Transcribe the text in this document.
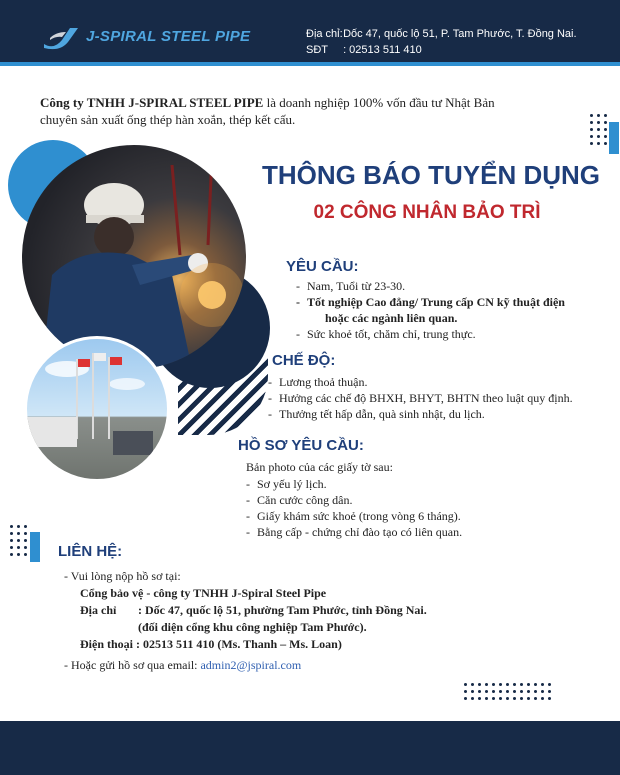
J-SPIRAL STEEL PIPE	Địa chỉ: Dốc 47, quốc lộ 51, P. Tam Phước, T. Đồng Nai.
SĐT : 02513 511 410
Công ty TNHH J-SPIRAL STEEL PIPE là doanh nghiệp 100% vốn đầu tư Nhật Bản
chuyên sản xuất ống thép hàn xoắn, thép kết cấu.
THÔNG BÁO TUYỂN DỤNG
02 CÔNG NHÂN BẢO TRÌ
YÊU CẦU:
- Nam, Tuổi từ 23-30.
- Tốt nghiệp Cao đẳng/ Trung cấp CN kỹ thuật điện
hoặc các ngành liên quan.
- Sức khoẻ tốt, chăm chỉ, trung thực.
CHẾ ĐỘ:
- Lương thoả thuận.
- Hưởng các chế độ BHXH, BHYT, BHTN theo luật quy định.
- Thưởng tết hấp dẫn, quà sinh nhật, du lịch.
HỒ SƠ YÊU CẦU:
Bản photo của các giấy tờ sau:
- Sơ yếu lý lịch.
- Căn cước công dân.
- Giấy khám sức khoẻ (trong vòng 6 tháng).
- Bằng cấp - chứng chỉ đào tạo có liên quan.
LIÊN HỆ:
- Vui lòng nộp hồ sơ tại:
Cổng bảo vệ - công ty TNHH J-Spiral Steel Pipe
Địa chỉ : Dốc 47, quốc lộ 51, phường Tam Phước, tỉnh Đồng Nai.
(đối diện cổng khu công nghiệp Tam Phước).
Điện thoại : 02513 511 410 (Ms. Thanh – Ms. Loan)
- Hoặc gửi hồ sơ qua email: admin2@jspiral.com
